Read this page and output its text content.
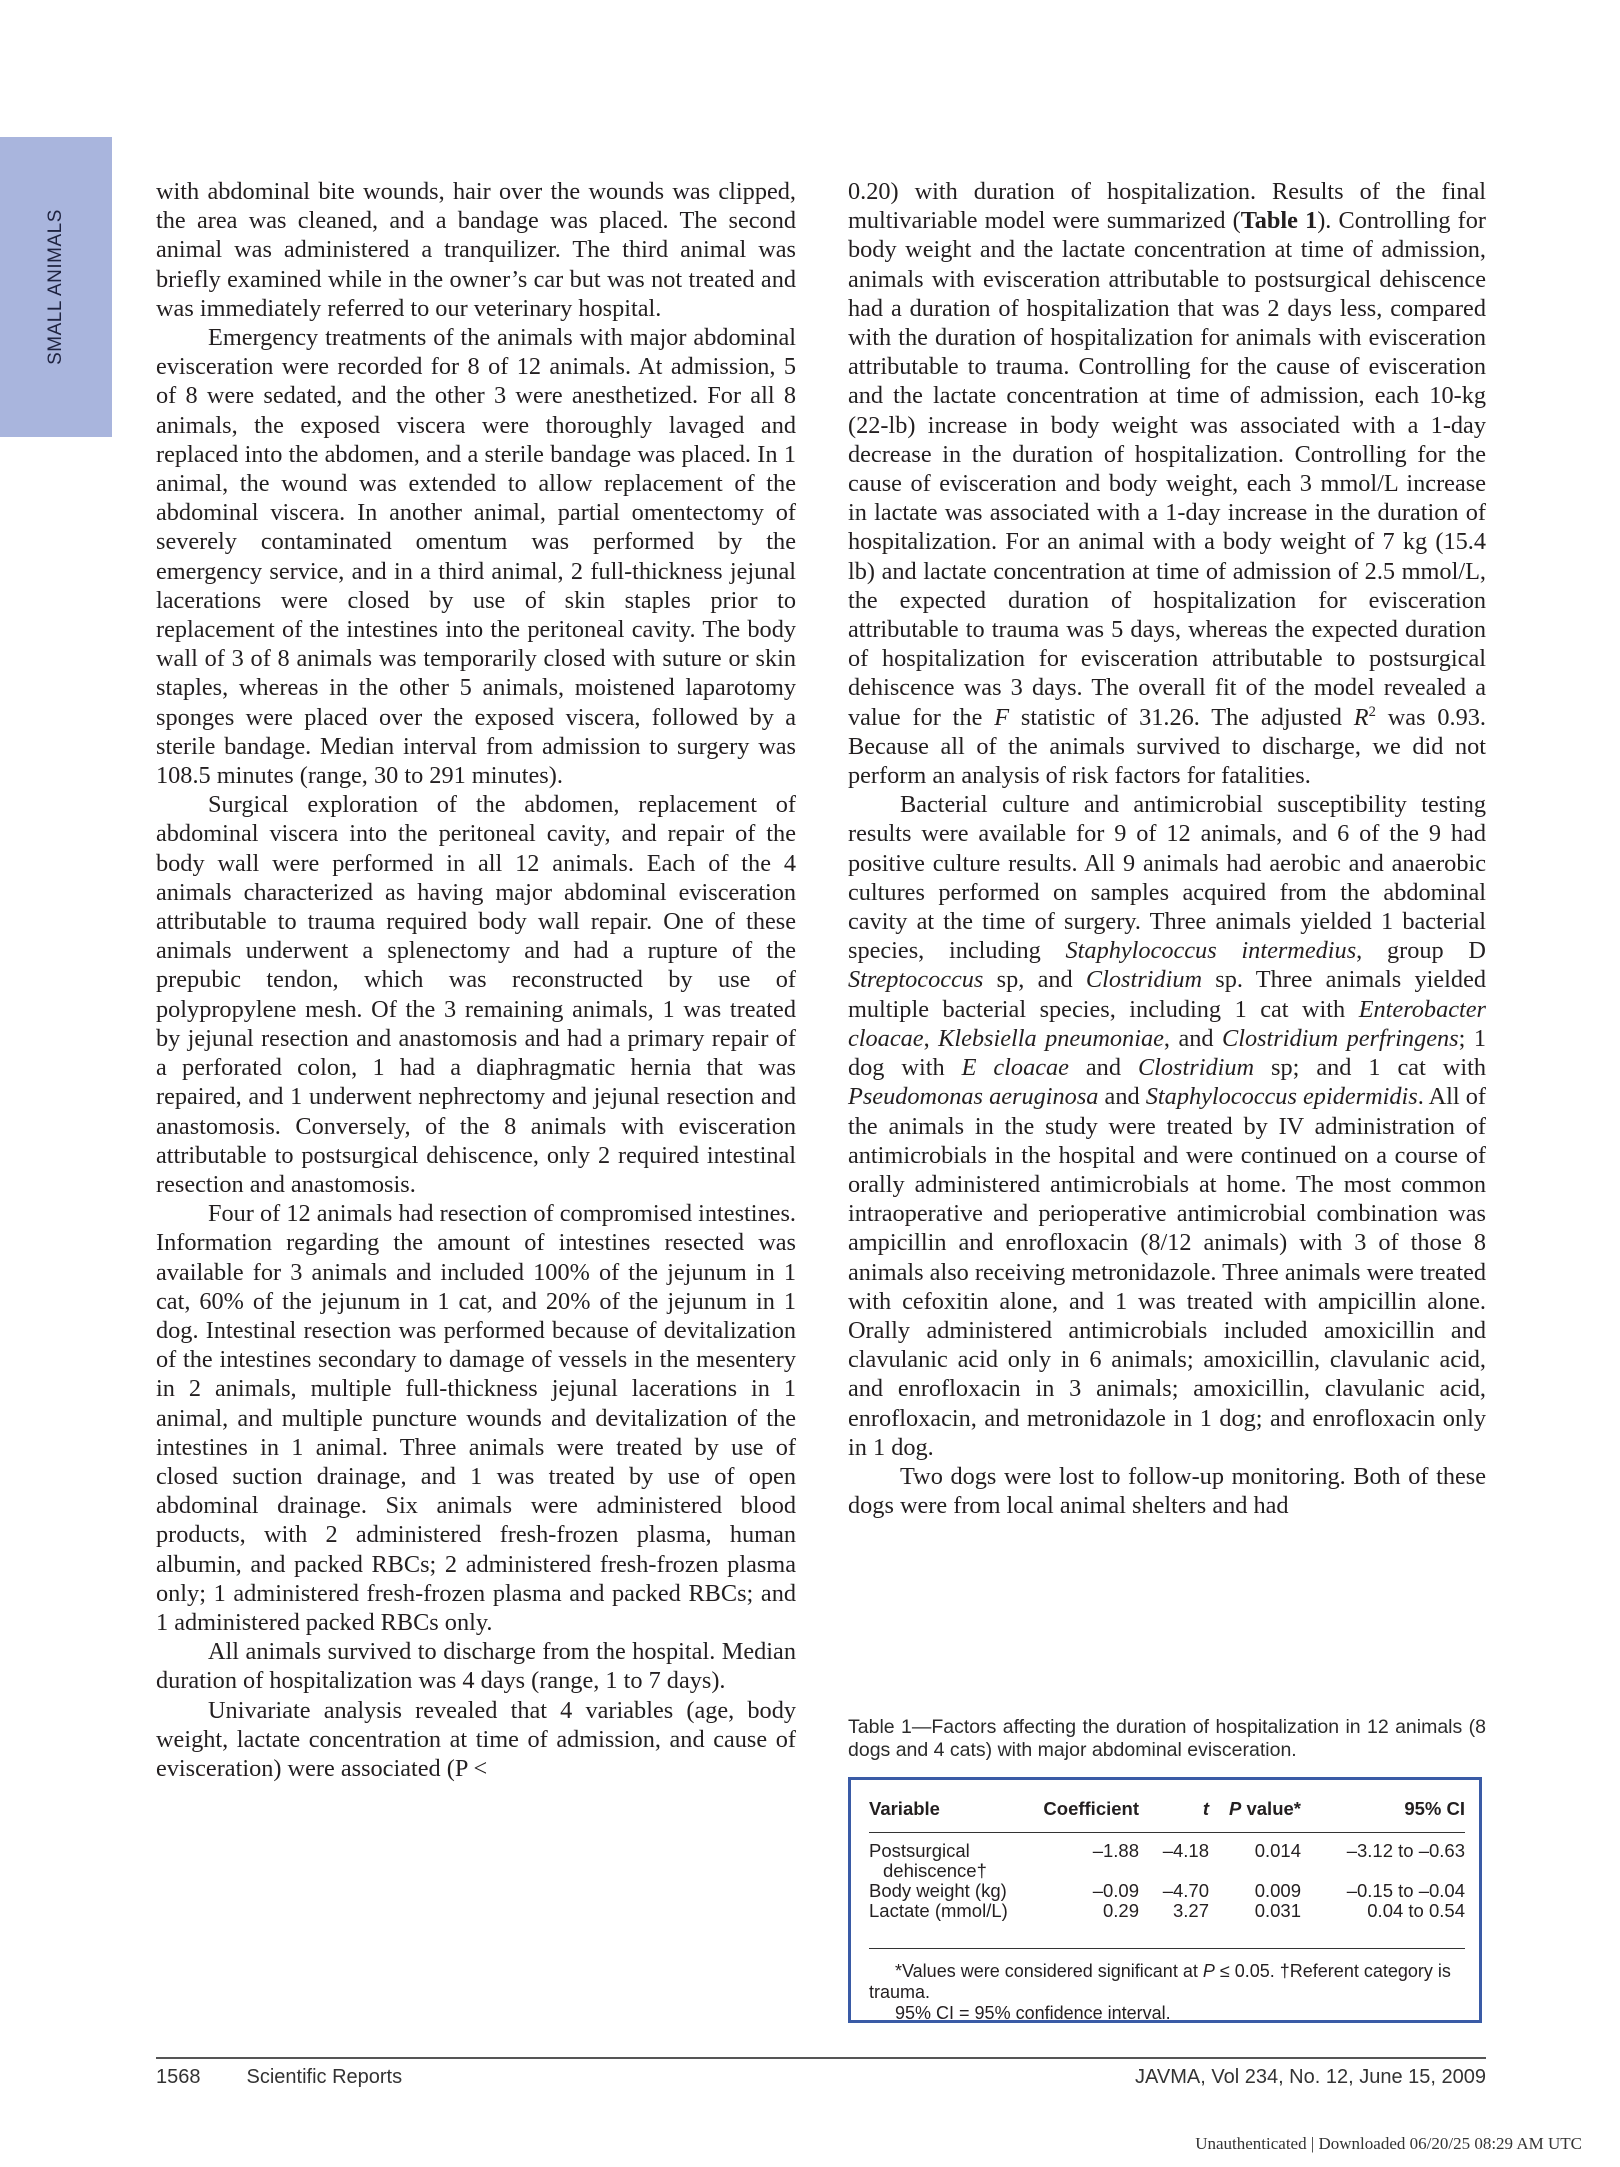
SMALL ANIMALS

with abdominal bite wounds, hair over the wounds was clipped, the area was cleaned, and a bandage was placed. The second animal was administered a tranquilizer. The third animal was briefly examined while in the owner’s car but was not treated and was immediately referred to our veterinary hospital.

Emergency treatments of the animals with major abdominal evisceration were recorded for 8 of 12 animals. At admission, 5 of 8 were sedated, and the other 3 were anesthetized. For all 8 animals, the exposed viscera were thoroughly lavaged and replaced into the abdomen, and a sterile bandage was placed. In 1 animal, the wound was extended to allow replacement of the abdominal viscera. In another animal, partial omentectomy of severely contaminated omentum was performed by the emergency service, and in a third animal, 2 full-thickness jejunal lacerations were closed by use of skin staples prior to replacement of the intestines into the peritoneal cavity. The body wall of 3 of 8 animals was temporarily closed with suture or skin staples, whereas in the other 5 animals, moistened laparotomy sponges were placed over the exposed viscera, followed by a sterile bandage. Median interval from admission to surgery was 108.5 minutes (range, 30 to 291 minutes).

Surgical exploration of the abdomen, replacement of abdominal viscera into the peritoneal cavity, and repair of the body wall were performed in all 12 animals. Each of the 4 animals characterized as having major abdominal evisceration attributable to trauma required body wall repair. One of these animals underwent a splenectomy and had a rupture of the prepubic tendon, which was reconstructed by use of polypropylene mesh. Of the 3 remaining animals, 1 was treated by jejunal resection and anastomosis and had a primary repair of a perforated colon, 1 had a diaphragmatic hernia that was repaired, and 1 underwent nephrectomy and jejunal resection and anastomosis. Conversely, of the 8 animals with evisceration attributable to postsurgical dehiscence, only 2 required intestinal resection and anastomosis.

Four of 12 animals had resection of compromised intestines. Information regarding the amount of intestines resected was available for 3 animals and included 100% of the jejunum in 1 cat, 60% of the jejunum in 1 cat, and 20% of the jejunum in 1 dog. Intestinal resection was performed because of devitalization of the intestines secondary to damage of vessels in the mesentery in 2 animals, multiple full-thickness jejunal lacerations in 1 animal, and multiple puncture wounds and devitalization of the intestines in 1 animal. Three animals were treated by use of closed suction drainage, and 1 was treated by use of open abdominal drainage. Six animals were administered blood products, with 2 administered fresh-frozen plasma, human albumin, and packed RBCs; 2 administered fresh-frozen plasma only; 1 administered fresh-frozen plasma and packed RBCs; and 1 administered packed RBCs only.

All animals survived to discharge from the hospital. Median duration of hospitalization was 4 days (range, 1 to 7 days).

Univariate analysis revealed that 4 variables (age, body weight, lactate concentration at time of admission, and cause of evisceration) were associated (P <

0.20) with duration of hospitalization. Results of the final multivariable model were summarized (Table 1). Controlling for body weight and the lactate concentration at time of admission, animals with evisceration attributable to postsurgical dehiscence had a duration of hospitalization that was 2 days less, compared with the duration of hospitalization for animals with evisceration attributable to trauma. Controlling for the cause of evisceration and the lactate concentration at time of admission, each 10-kg (22-lb) increase in body weight was associated with a 1-day decrease in the duration of hospitalization. Controlling for the cause of evisceration and body weight, each 3 mmol/L increase in lactate was associated with a 1-day increase in the duration of hospitalization. For an animal with a body weight of 7 kg (15.4 lb) and lactate concentration at time of admission of 2.5 mmol/L, the expected duration of hospitalization for evisceration attributable to trauma was 5 days, whereas the expected duration of hospitalization for evisceration attributable to postsurgical dehiscence was 3 days. The overall fit of the model revealed a value for the F statistic of 31.26. The adjusted $R^2$ was 0.93. Because all of the animals survived to discharge, we did not perform an analysis of risk factors for fatalities.

Bacterial culture and antimicrobial susceptibility testing results were available for 9 of 12 animals, and 6 of the 9 had positive culture results. All 9 animals had aerobic and anaerobic cultures performed on samples acquired from the abdominal cavity at the time of surgery. Three animals yielded 1 bacterial species, including Staphylococcus intermedius, group D Streptococcus sp, and Clostridium sp. Three animals yielded multiple bacterial species, including 1 cat with Enterobacter cloacae, Klebsiella pneumoniae, and Clostridium perfringens; 1 dog with E cloacae and Clostridium sp; and 1 cat with Pseudomonas aeruginosa and Staphylococcus epidermidis. All of the animals in the study were treated by IV administration of antimicrobials in the hospital and were continued on a course of orally administered antimicrobials at home. The most common intraoperative and perioperative antimicrobial combination was ampicillin and enrofloxacin (8/12 animals) with 3 of those 8 animals also receiving metronidazole. Three animals were treated with cefoxitin alone, and 1 was treated with ampicillin alone. Orally administered antimicrobials included amoxicillin and clavulanic acid only in 6 animals; amoxicillin, clavulanic acid, and enrofloxacin in 3 animals; amoxicillin, clavulanic acid, enrofloxacin, and metronidazole in 1 dog; and enrofloxacin only in 1 dog.

Two dogs were lost to follow-up monitoring. Both of these dogs were from local animal shelters and had

Table 1—Factors affecting the duration of hospitalization in 12 animals (8 dogs and 4 cats) with major abdominal evisceration.
Variable	Coefficient	t	P value*	95% CI
Postsurgical
dehiscence†	–1.88	–4.18	0.014	–3.12 to –0.63
Body weight (kg)	–0.09	–4.70	0.009	–0.15 to –0.04
Lactate (mmol/L)	0.29	3.27	0.031	0.04 to 0.54

*Values were considered significant at P ≤ 0.05. †Referent category is trauma.

95% CI = 95% confidence interval.

1568 Scientific Reports	JAVMA, Vol 234, No. 12, June 15, 2009
Unauthenticated | Downloaded 06/20/25 08:29 AM UTC
